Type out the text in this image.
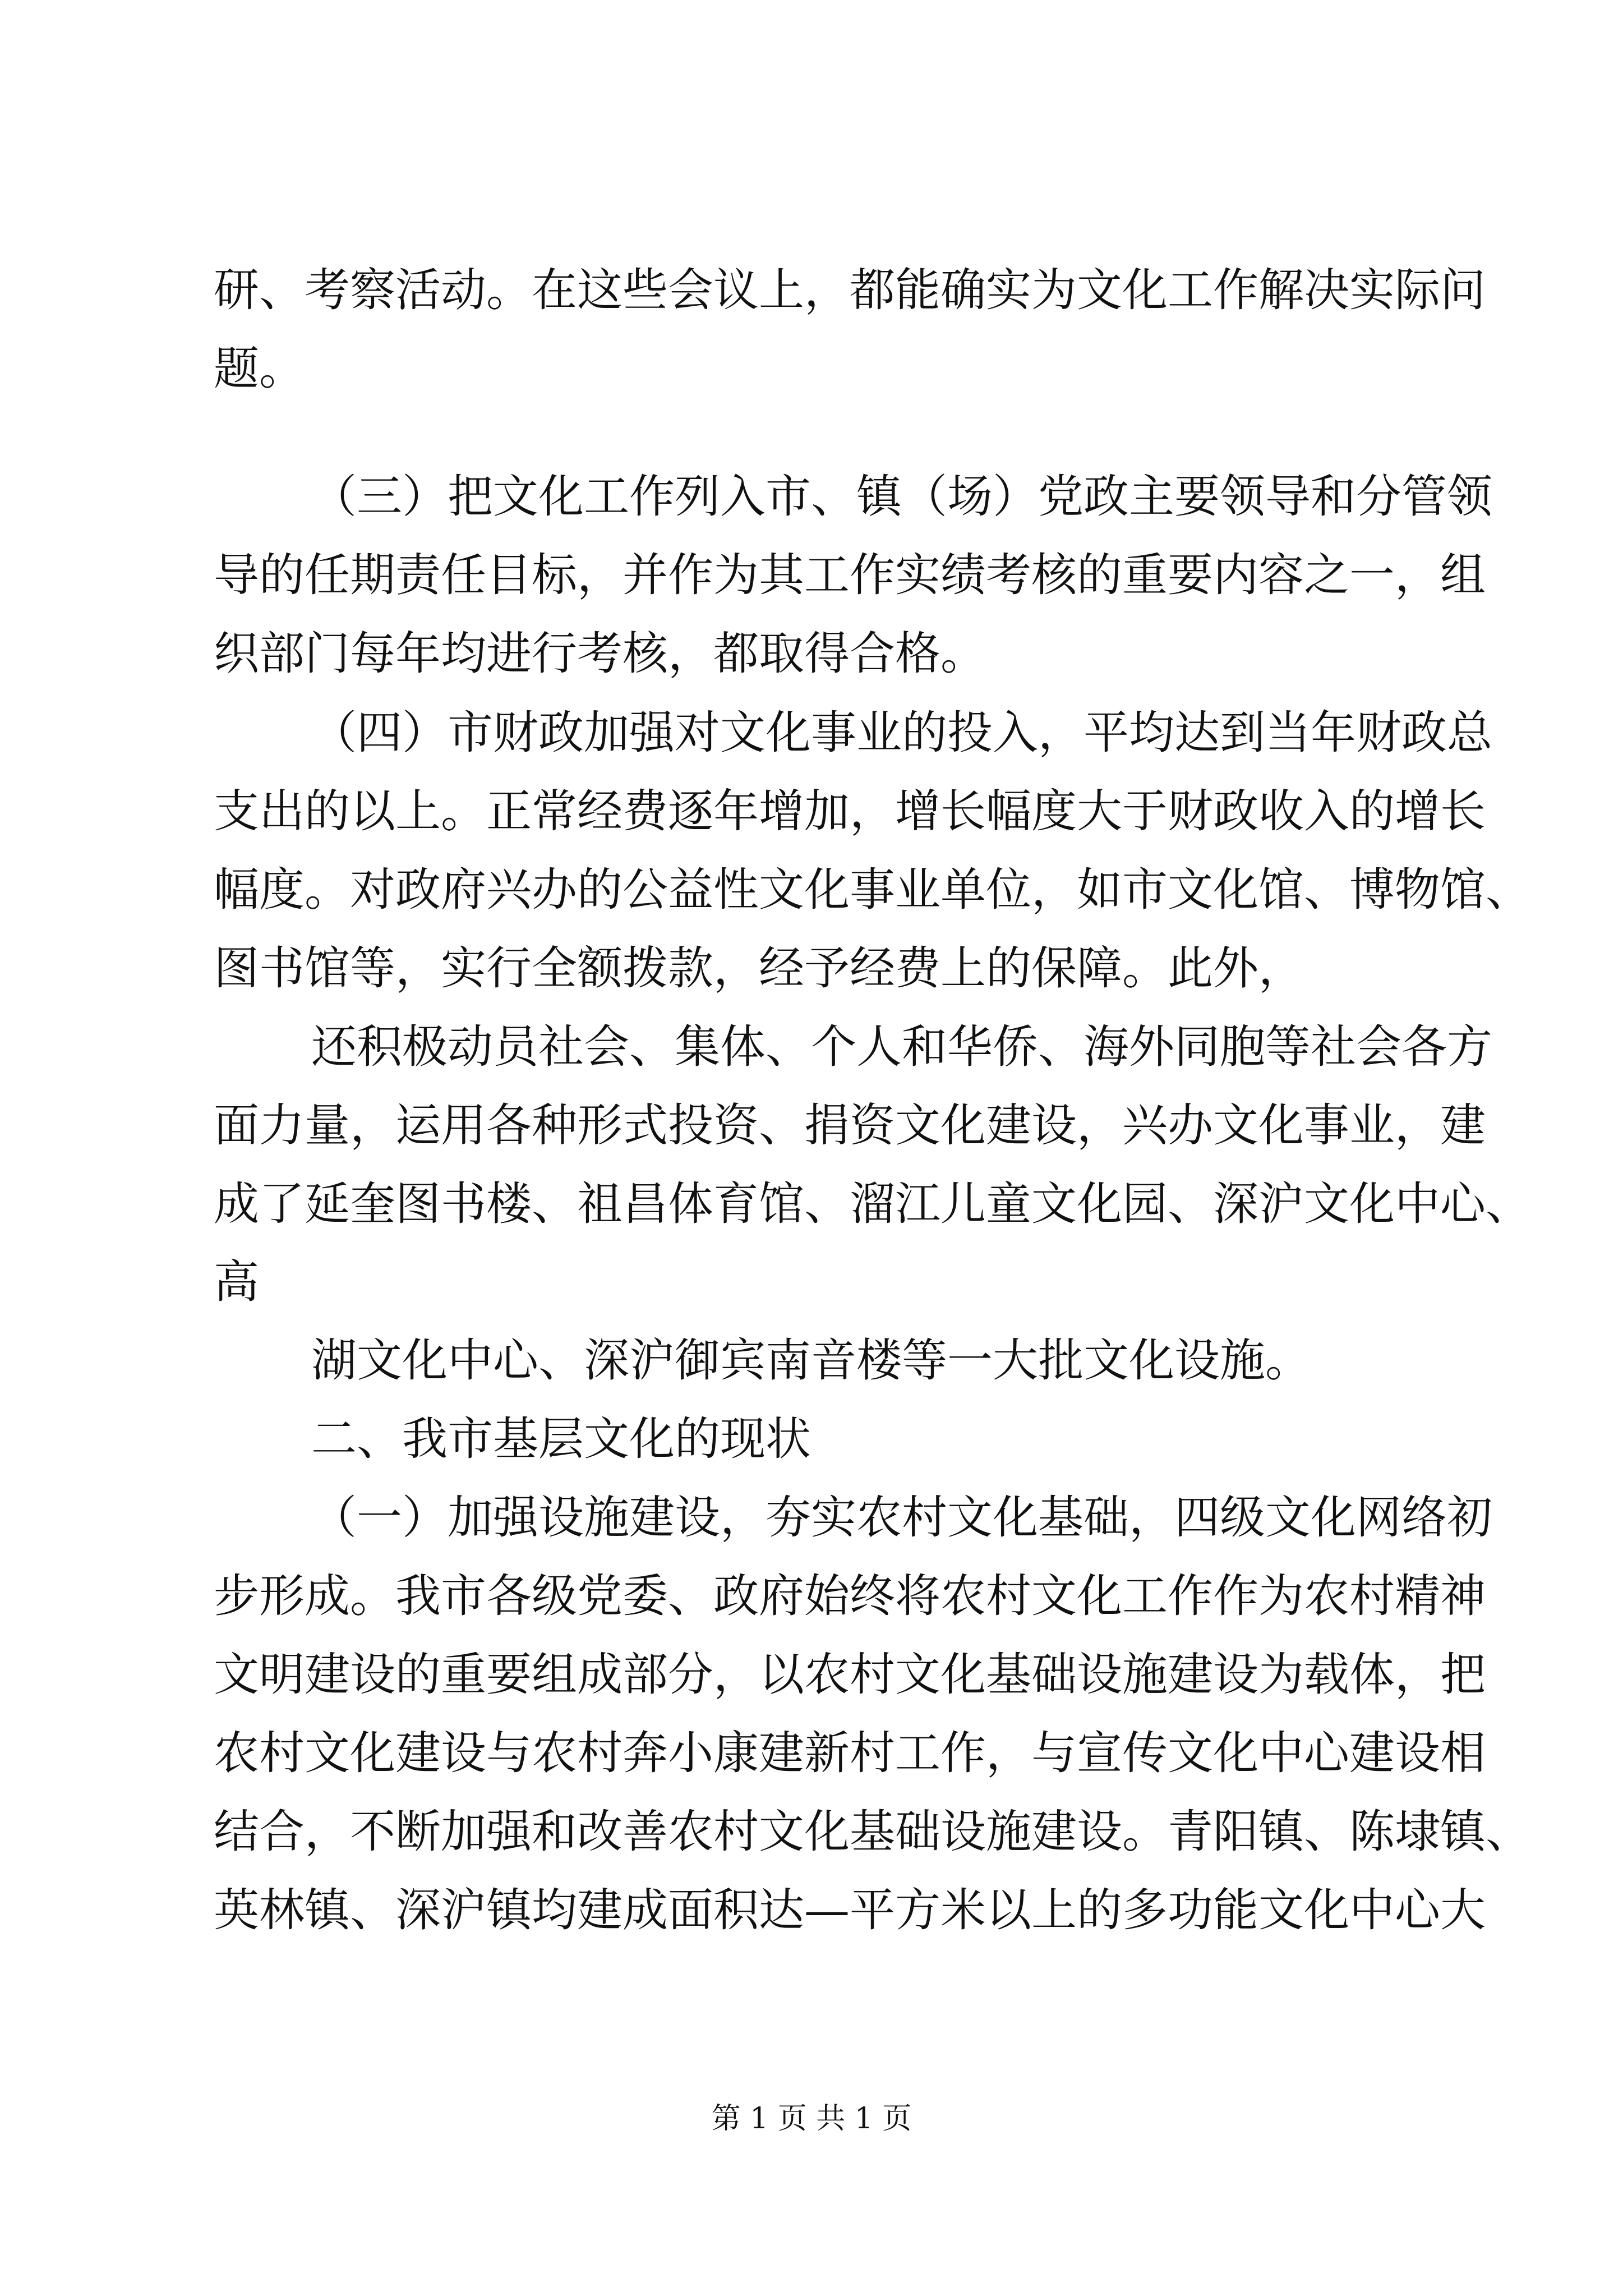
研、考察活动。在这些会议上，都能确实为文化工作解决实际问
题。
（三）把文化工作列入市、镇（场）党政主要领导和分管领
导的任期责任目标，并作为其工作实绩考核的重要内容之一，组
织部门每年均进行考核，都取得合格。
（四）市财政加强对文化事业的投入，平均达到当年财政总
支出的以上。正常经费逐年增加，增长幅度大于财政收入的增长
幅度。对政府兴办的公益性文化事业单位，如市文化馆、博物馆、
图书馆等，实行全额拨款，经予经费上的保障。此外，
还积极动员社会、集体、个人和华侨、海外同胞等社会各方
面力量，运用各种形式投资、捐资文化建设，兴办文化事业，建
成了延奎图书楼、祖昌体育馆、溜江儿童文化园、深沪文化中心、
高
湖文化中心、深沪御宾南音楼等一大批文化设施。
二、我市基层文化的现状
（一）加强设施建设，夯实农村文化基础，四级文化网络初
步形成。我市各级党委、政府始终将农村文化工作作为农村精神
文明建设的重要组成部分，以农村文化基础设施建设为载体，把
农村文化建设与农村奔小康建新村工作，与宣传文化中心建设相
结合，不断加强和改善农村文化基础设施建设。青阳镇、陈埭镇、
英林镇、深沪镇均建成面积达—平方米以上的多功能文化中心大
第 1 页 共 1 页
